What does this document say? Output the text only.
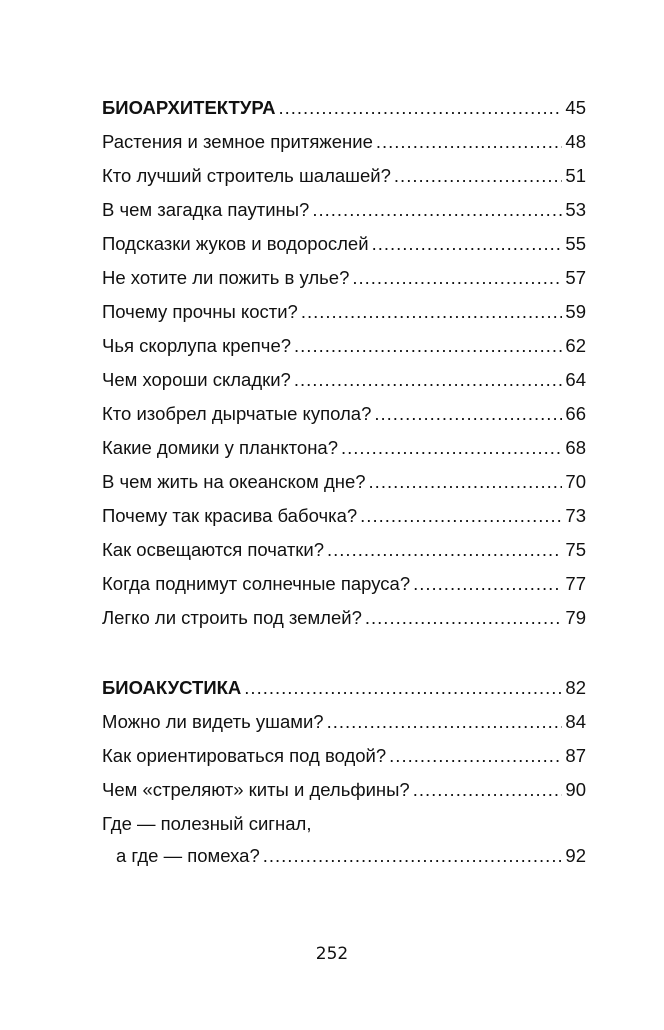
БИОАРХИТЕКТУРА .....	45
Растения и земное притяжение .....	48
Кто лучший строитель шалашей? .....	51
В чем загадка паутины? .....	53
Подсказки жуков и водорослей .....	55
Не хотите ли пожить в улье? .....	57
Почему прочны кости? .....	59
Чья скорлупа крепче? .....	62
Чем хороши складки? .....	64
Кто изобрел дырчатые купола? .....	66
Какие домики у планктона? .....	68
В чем жить на океанском дне? .....	70
Почему так красива бабочка? .....	73
Как освещаются початки? .....	75
Когда поднимут солнечные паруса? .....	77
Легко ли строить под землей? .....	79
БИОАКУСТИКА .....	82
Можно ли видеть ушами? .....	84
Как ориентироваться под водой? .....	87
Чем «стреляют» киты и дельфины? .....	90
Где — полезный сигнал,
а где — помеха? .....	92
252
